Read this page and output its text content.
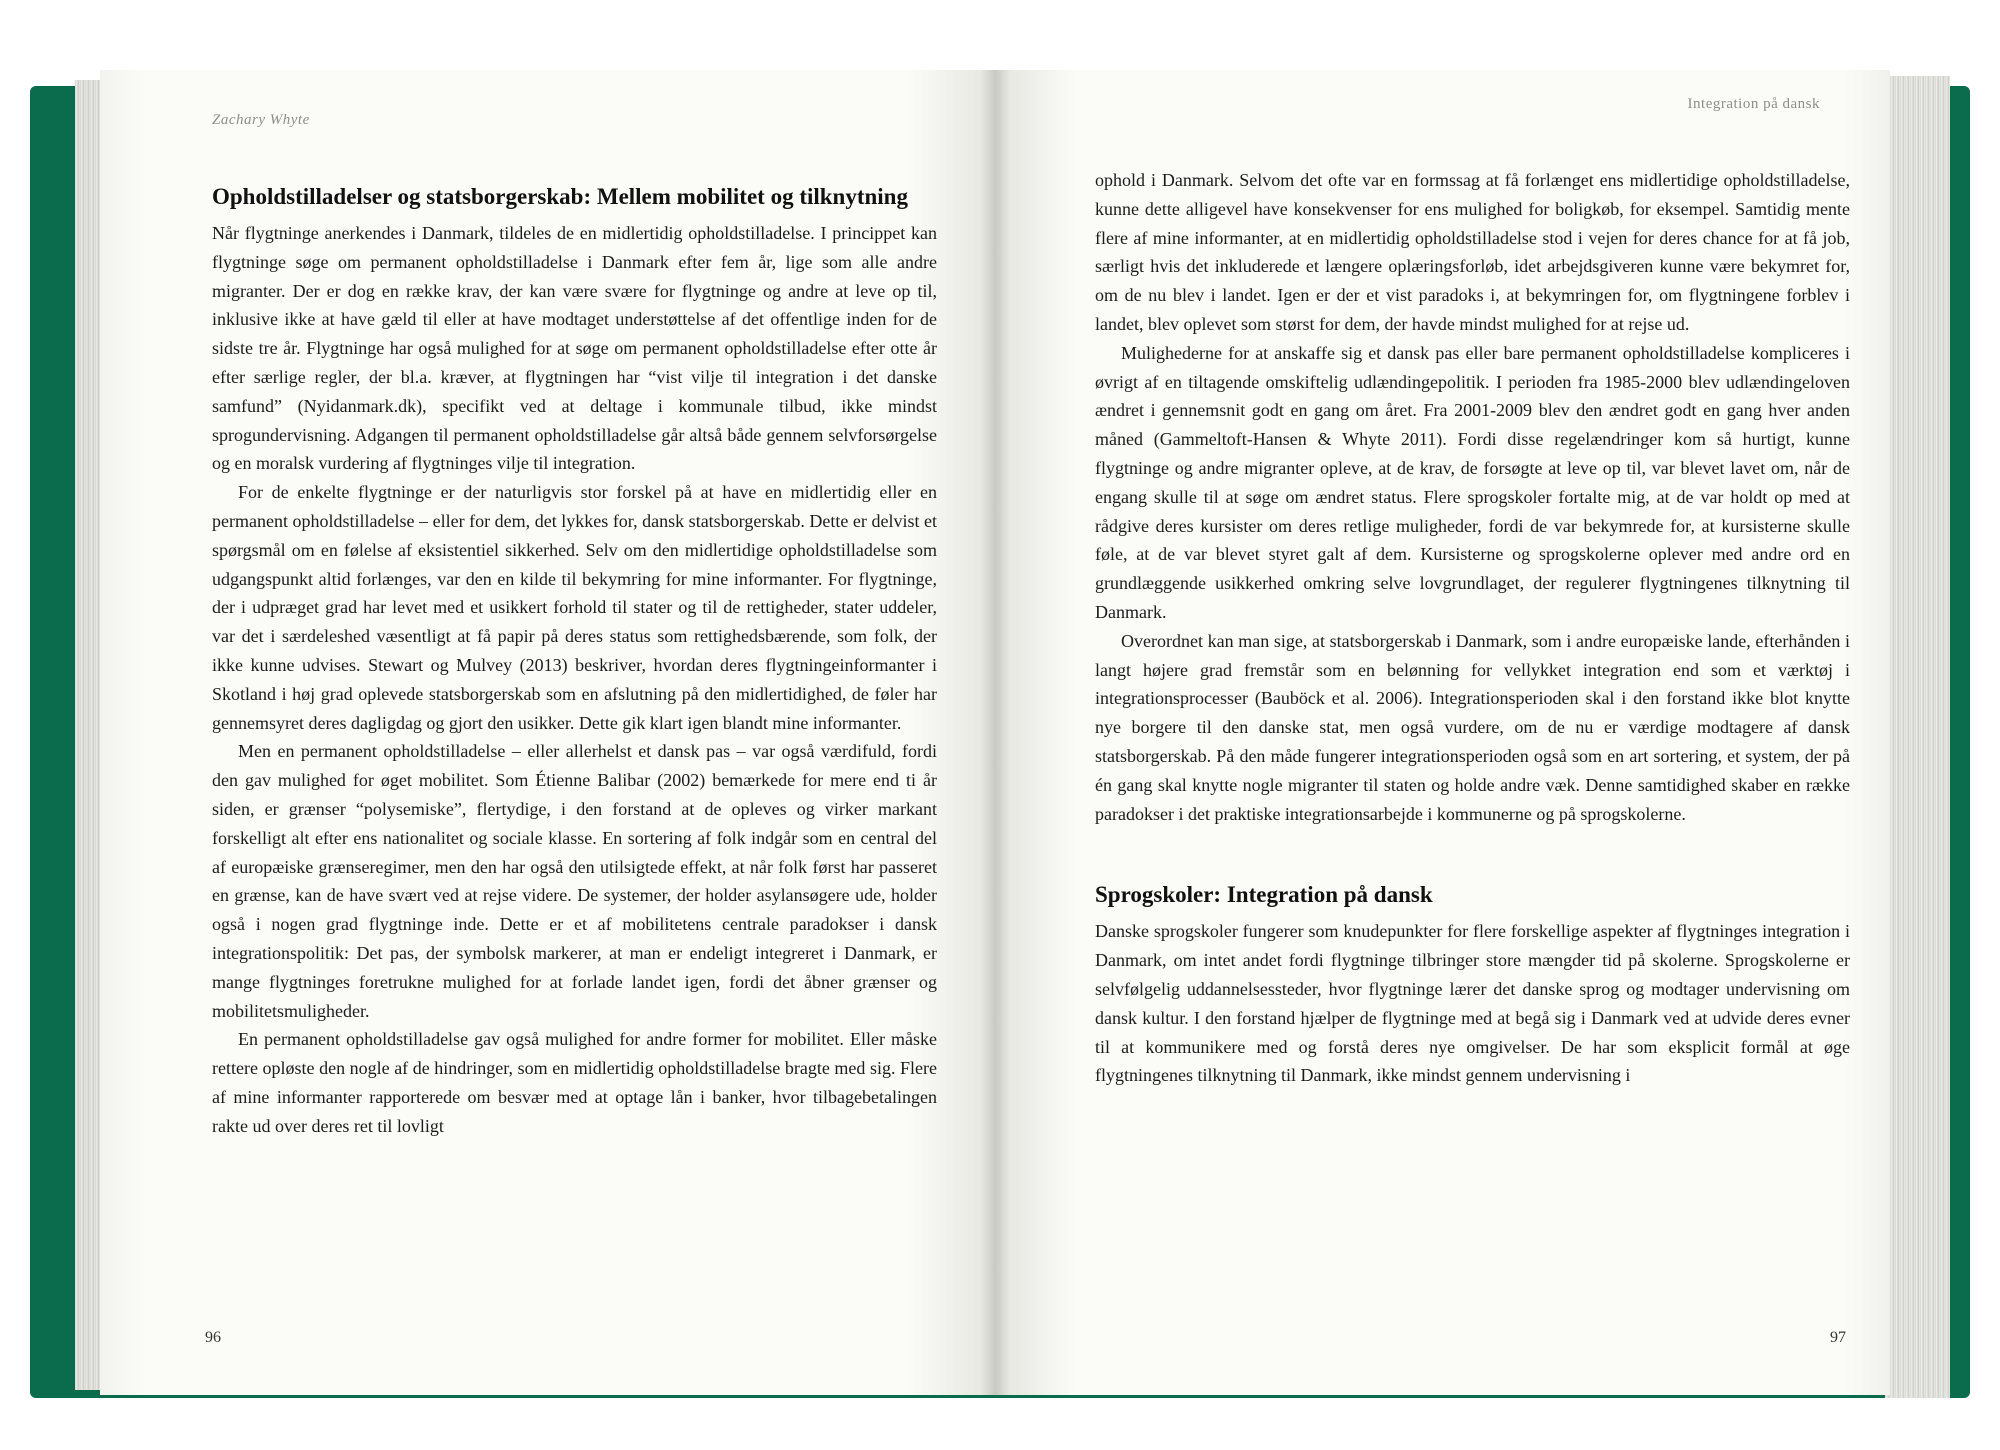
Zachary Whyte
Opholdstilladelser og statsborgerskab: Mellem mobilitet og tilknytning

Når flygtninge anerkendes i Danmark, tildeles de en midlertidig opholdstilladelse. I princippet kan flygtninge søge om permanent opholdstilladelse i Danmark efter fem år, lige som alle andre migranter. Der er dog en række krav, der kan være svære for flygtninge og andre at leve op til, inklusive ikke at have gæld til eller at have modtaget understøttelse af det offentlige inden for de sidste tre år. Flygtninge har også mulighed for at søge om permanent opholdstilladelse efter otte år efter særlige regler, der bl.a. kræver, at flygtningen har “vist vilje til integration i det danske samfund” (Nyidanmark.dk), specifikt ved at deltage i kommunale tilbud, ikke mindst sprogundervisning. Adgangen til permanent opholdstilladelse går altså både gennem selvforsørgelse og en moralsk vurdering af flygtninges vilje til integration.

For de enkelte flygtninge er der naturligvis stor forskel på at have en midlertidig eller en permanent opholdstilladelse – eller for dem, det lykkes for, dansk statsborgerskab. Dette er delvist et spørgsmål om en følelse af eksistentiel sikkerhed. Selv om den midlertidige opholdstilladelse som udgangspunkt altid forlænges, var den en kilde til bekymring for mine informanter. For flygtninge, der i udpræget grad har levet med et usikkert forhold til stater og til de rettigheder, stater uddeler, var det i særdeleshed væsentligt at få papir på deres status som rettighedsbærende, som folk, der ikke kunne udvises. Stewart og Mulvey (2013) beskriver, hvordan deres flygtningeinformanter i Skotland i høj grad oplevede statsborgerskab som en afslutning på den midlertidighed, de føler har gennemsyret deres dagligdag og gjort den usikker. Dette gik klart igen blandt mine informanter.

Men en permanent opholdstilladelse – eller allerhelst et dansk pas – var også værdifuld, fordi den gav mulighed for øget mobilitet. Som Étienne Balibar (2002) bemærkede for mere end ti år siden, er grænser “polysemiske”, flertydige, i den forstand at de opleves og virker markant forskelligt alt efter ens nationalitet og sociale klasse. En sortering af folk indgår som en central del af europæiske grænseregimer, men den har også den utilsigtede effekt, at når folk først har passeret en grænse, kan de have svært ved at rejse videre. De systemer, der holder asylansøgere ude, holder også i nogen grad flygtninge inde. Dette er et af mobilitetens centrale paradokser i dansk integrationspolitik: Det pas, der symbolsk markerer, at man er endeligt integreret i Danmark, er mange flygtninges foretrukne mulighed for at forlade landet igen, fordi det åbner grænser og mobilitetsmuligheder.

En permanent opholdstilladelse gav også mulighed for andre former for mobilitet. Eller måske rettere opløste den nogle af de hindringer, som en midlertidig opholdstilladelse bragte med sig. Flere af mine informanter rapporterede om besvær med at optage lån i banker, hvor tilbagebetalingen rakte ud over deres ret til lovligt

96
Integration på dansk

ophold i Danmark. Selvom det ofte var en formssag at få forlænget ens midlertidige opholdstilladelse, kunne dette alligevel have konsekvenser for ens mulighed for boligkøb, for eksempel. Samtidig mente flere af mine informanter, at en midlertidig opholdstilladelse stod i vejen for deres chance for at få job, særligt hvis det inkluderede et længere oplæringsforløb, idet arbejdsgiveren kunne være bekymret for, om de nu blev i landet. Igen er der et vist paradoks i, at bekymringen for, om flygtningene forblev i landet, blev oplevet som størst for dem, der havde mindst mulighed for at rejse ud.

Mulighederne for at anskaffe sig et dansk pas eller bare permanent opholdstilladelse kompliceres i øvrigt af en tiltagende omskiftelig udlændingepolitik. I perioden fra 1985-2000 blev udlændingeloven ændret i gennemsnit godt en gang om året. Fra 2001-2009 blev den ændret godt en gang hver anden måned (Gammeltoft-Hansen & Whyte 2011). Fordi disse regelændringer kom så hurtigt, kunne flygtninge og andre migranter opleve, at de krav, de forsøgte at leve op til, var blevet lavet om, når de engang skulle til at søge om ændret status. Flere sprogskoler fortalte mig, at de var holdt op med at rådgive deres kursister om deres retlige muligheder, fordi de var bekymrede for, at kursisterne skulle føle, at de var blevet styret galt af dem. Kursisterne og sprogskolerne oplever med andre ord en grundlæggende usikkerhed omkring selve lovgrundlaget, der regulerer flygtningenes tilknytning til Danmark.

Overordnet kan man sige, at statsborgerskab i Danmark, som i andre europæiske lande, efterhånden i langt højere grad fremstår som en belønning for vellykket integration end som et værktøj i integrationsprocesser (Bauböck et al. 2006). Integrationsperioden skal i den forstand ikke blot knytte nye borgere til den danske stat, men også vurdere, om de nu er værdige modtagere af dansk statsborgerskab. På den måde fungerer integrationsperioden også som en art sortering, et system, der på én gang skal knytte nogle migranter til staten og holde andre væk. Denne samtidighed skaber en række paradokser i det praktiske integrationsarbejde i kommunerne og på sprogskolerne.

Sprogskoler: Integration på dansk

Danske sprogskoler fungerer som knudepunkter for flere forskellige aspekter af flygtninges integration i Danmark, om intet andet fordi flygtninge tilbringer store mængder tid på skolerne. Sprogskolerne er selvfølgelig uddannelsessteder, hvor flygtninge lærer det danske sprog og modtager undervisning om dansk kultur. I den forstand hjælper de flygtninge med at begå sig i Danmark ved at udvide deres evner til at kommunikere med og forstå deres nye omgivelser. De har som eksplicit formål at øge flygtningenes tilknytning til Danmark, ikke mindst gennem undervisning i

97
